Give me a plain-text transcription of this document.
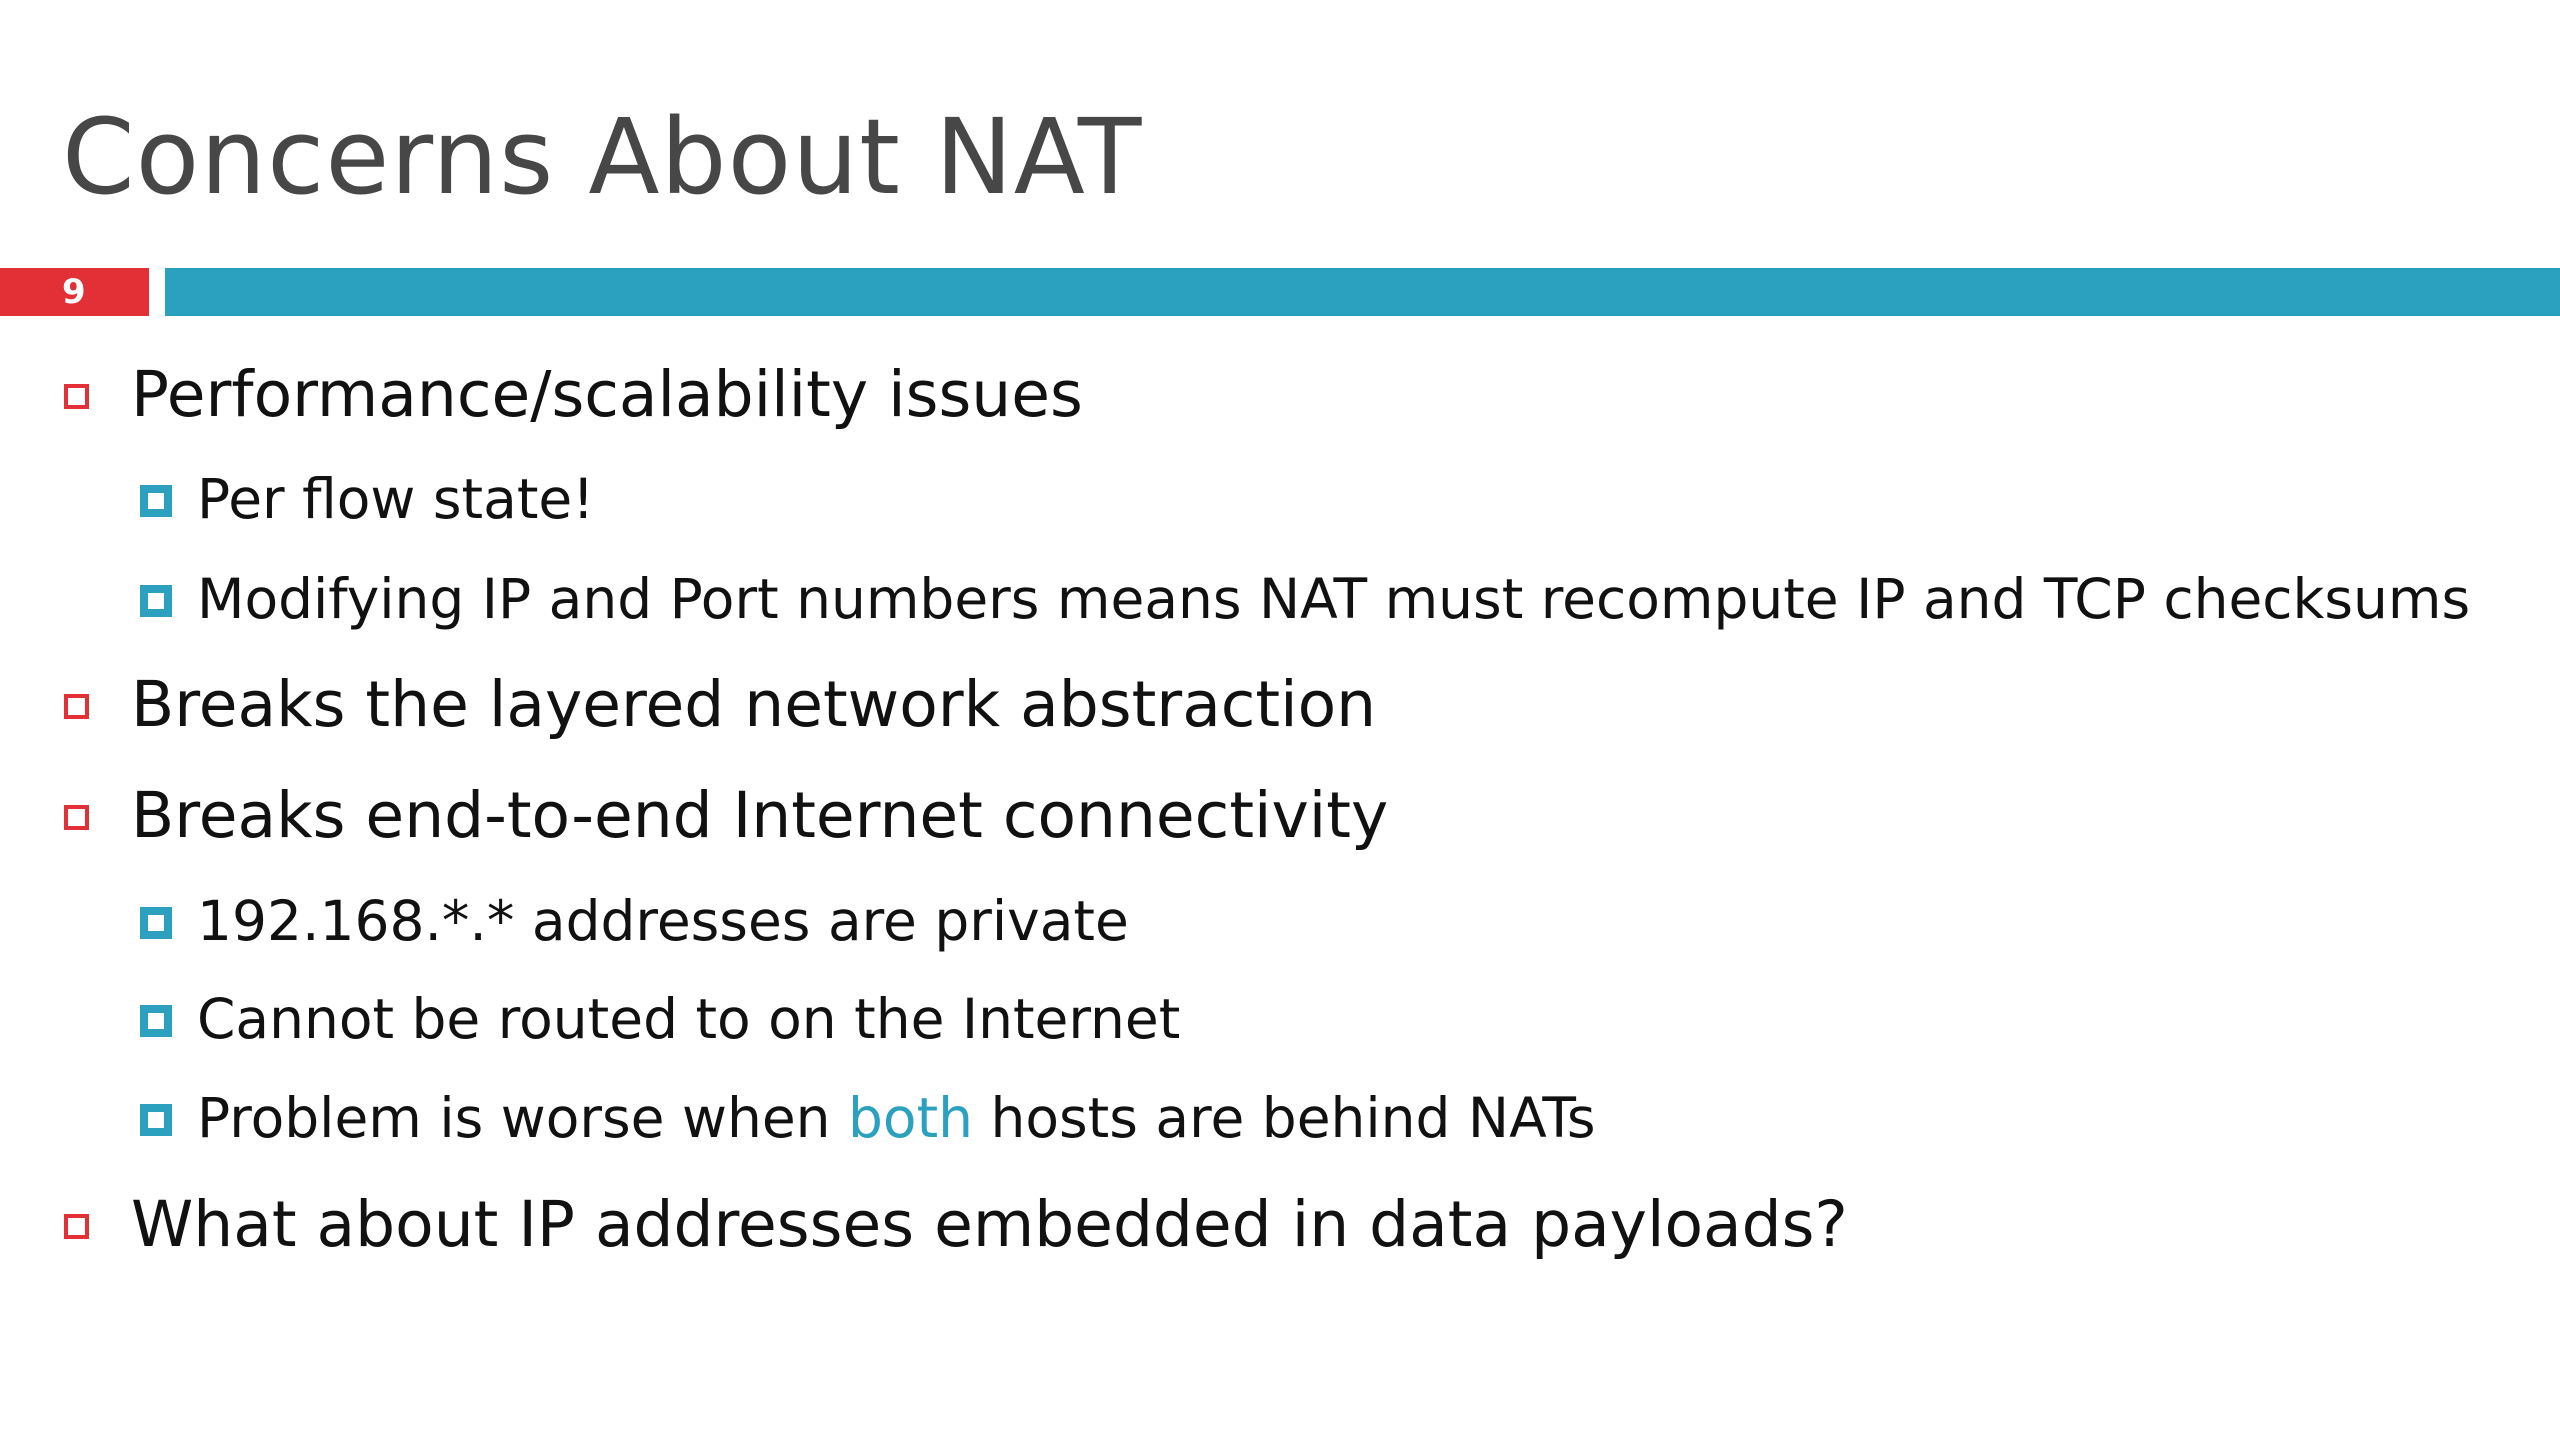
Concerns About NAT
9
Performance/scalability issues
Per flow state!
Modifying IP and Port numbers means NAT must recompute IP and TCP checksums
Breaks the layered network abstraction
Breaks end-to-end Internet connectivity
192.168.*.* addresses are private
Cannot be routed to on the Internet
Problem is worse when both hosts are behind NATs
What about IP addresses embedded in data payloads?
